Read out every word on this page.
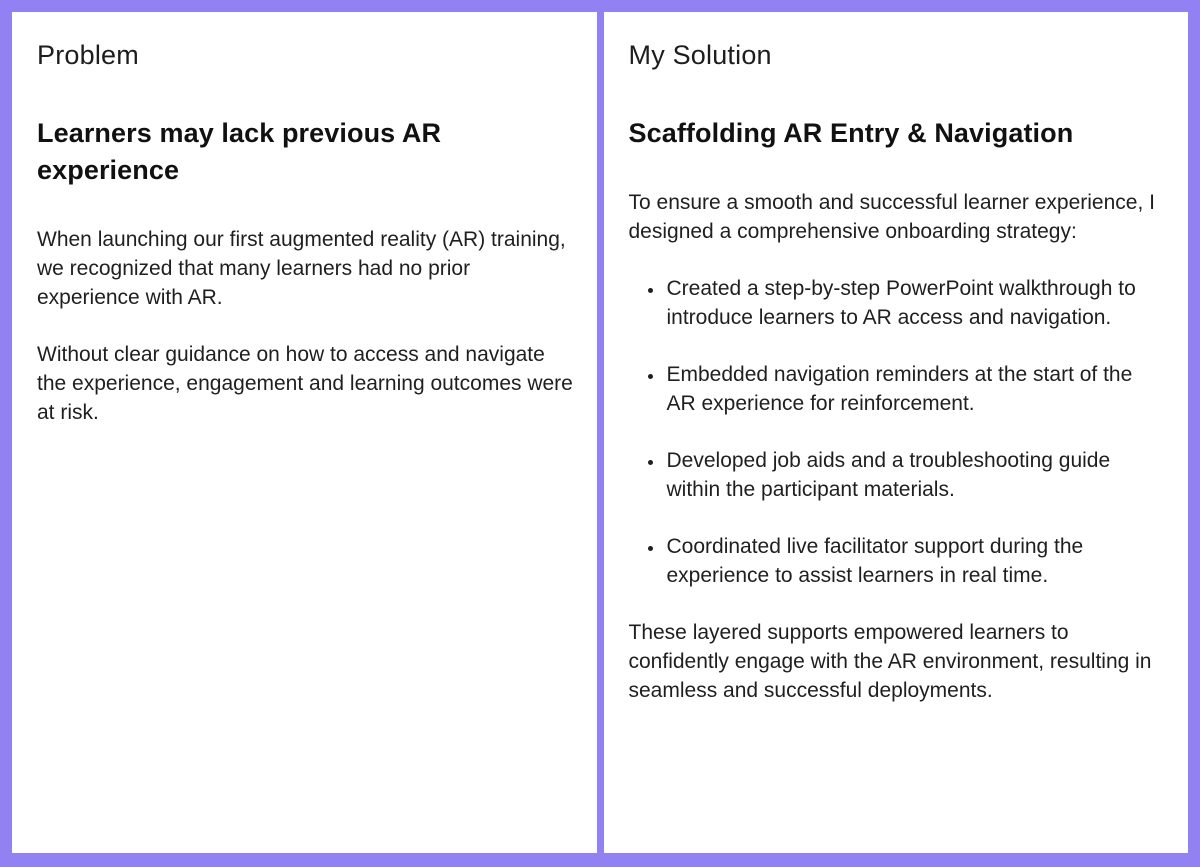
Problem
Learners may lack previous AR experience

When launching our first augmented reality (AR) training, we recognized that many learners had no prior experience with AR.

Without clear guidance on how to access and navigate the experience, engagement and learning outcomes were at risk.

My Solution
Scaffolding AR Entry & Navigation

To ensure a smooth and successful learner experience, I designed a comprehensive onboarding strategy:

• Created a step-by-step PowerPoint walkthrough to introduce learners to AR access and navigation.
• Embedded navigation reminders at the start of the AR experience for reinforcement.
• Developed job aids and a troubleshooting guide within the participant materials.
• Coordinated live facilitator support during the experience to assist learners in real time.

These layered supports empowered learners to confidently engage with the AR environment, resulting in seamless and successful deployments.
